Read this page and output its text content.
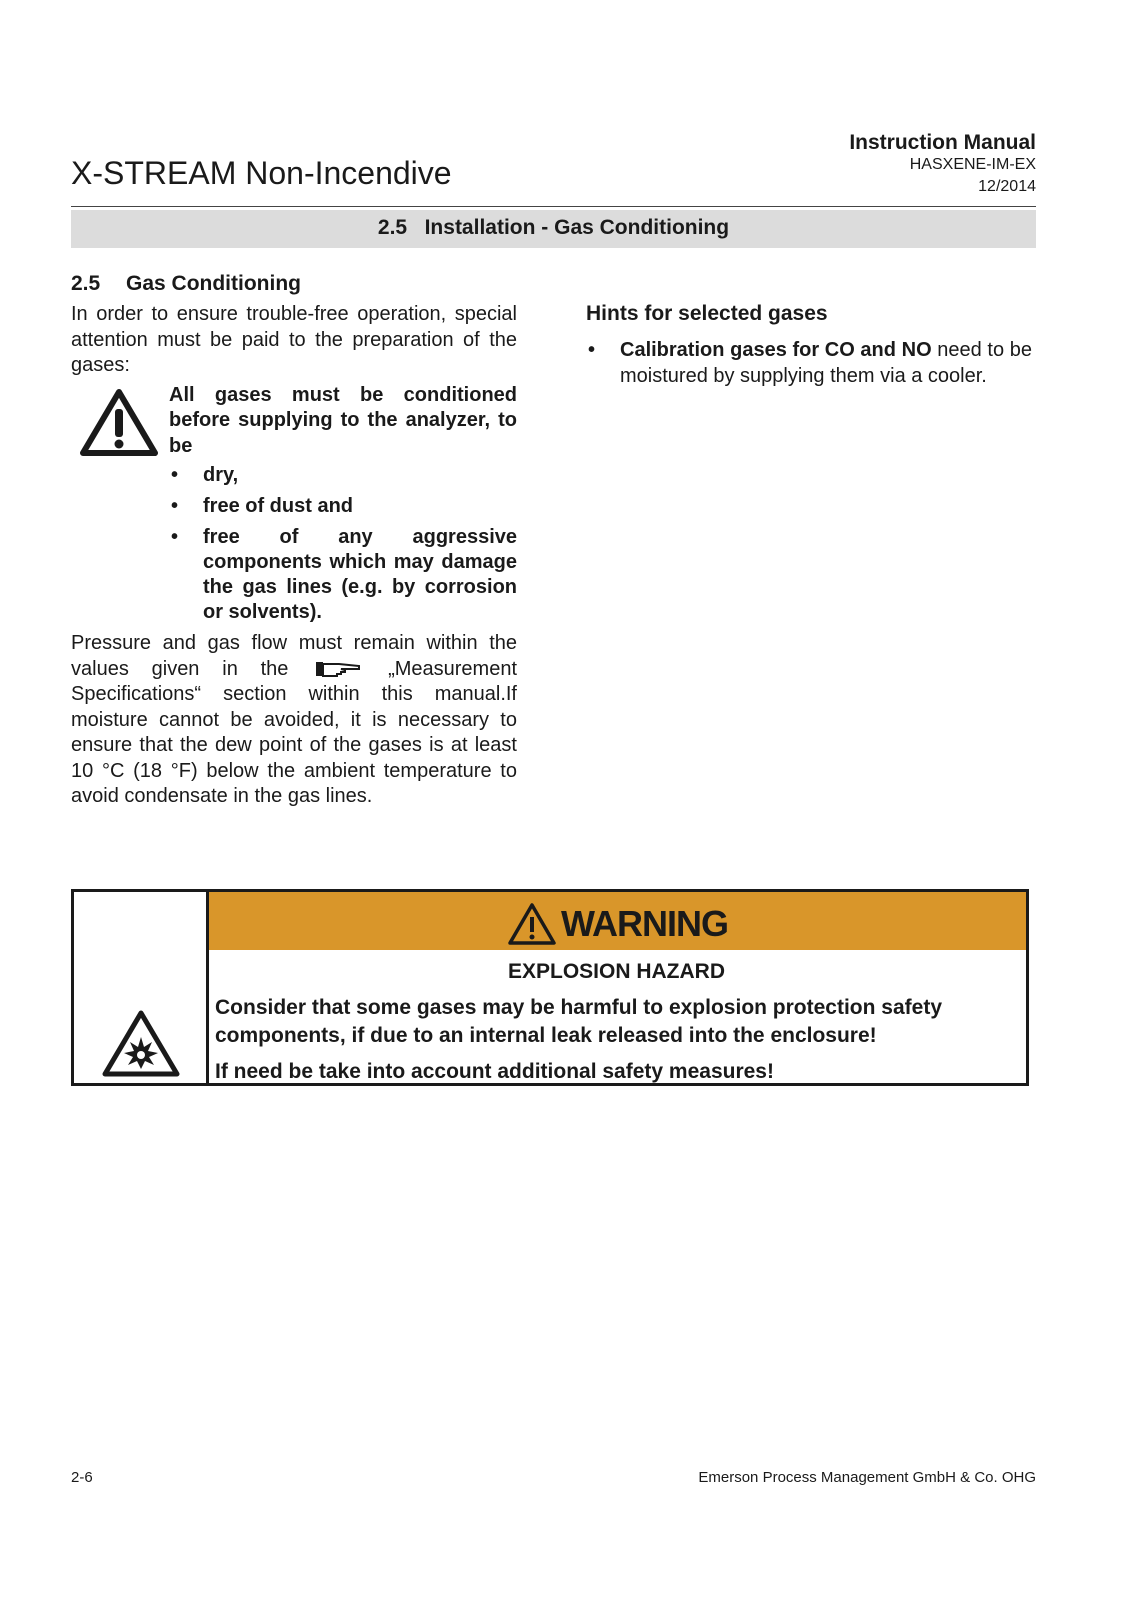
X-STREAM Non-Incendive
Instruction Manual
HASXENE-IM-EX
12/2014
2.5   Installation - Gas Conditioning
2.5 Gas Conditioning

In order to ensure trouble-free operation, special attention must be paid to the preparation of the gases:

All gases must be conditioned before supplying to the analyzer, to be
• dry,
• free of dust and
• free of any aggressive components which may damage the gas lines (e.g. by corrosion or solvents).

Pressure and gas flow must remain within the values given in the	„Measurement Specifications“ section within this manual.If moisture cannot be avoided, it is necessary to ensure that the dew point of the gases is at least 10 °C (18 °F) below the ambient temperature to avoid condensate in the gas lines.

Hints for selected gases
• Calibration gases for CO and NO need to be moistured by supplying them via a cooler.
WARNING
EXPLOSION HAZARD

Consider that some gases may be harmful to explosion protection safety components, if due to an internal leak released into the enclosure!

If need be take into account additional safety measures!

2-6	Emerson Process Management GmbH & Co. OHG
